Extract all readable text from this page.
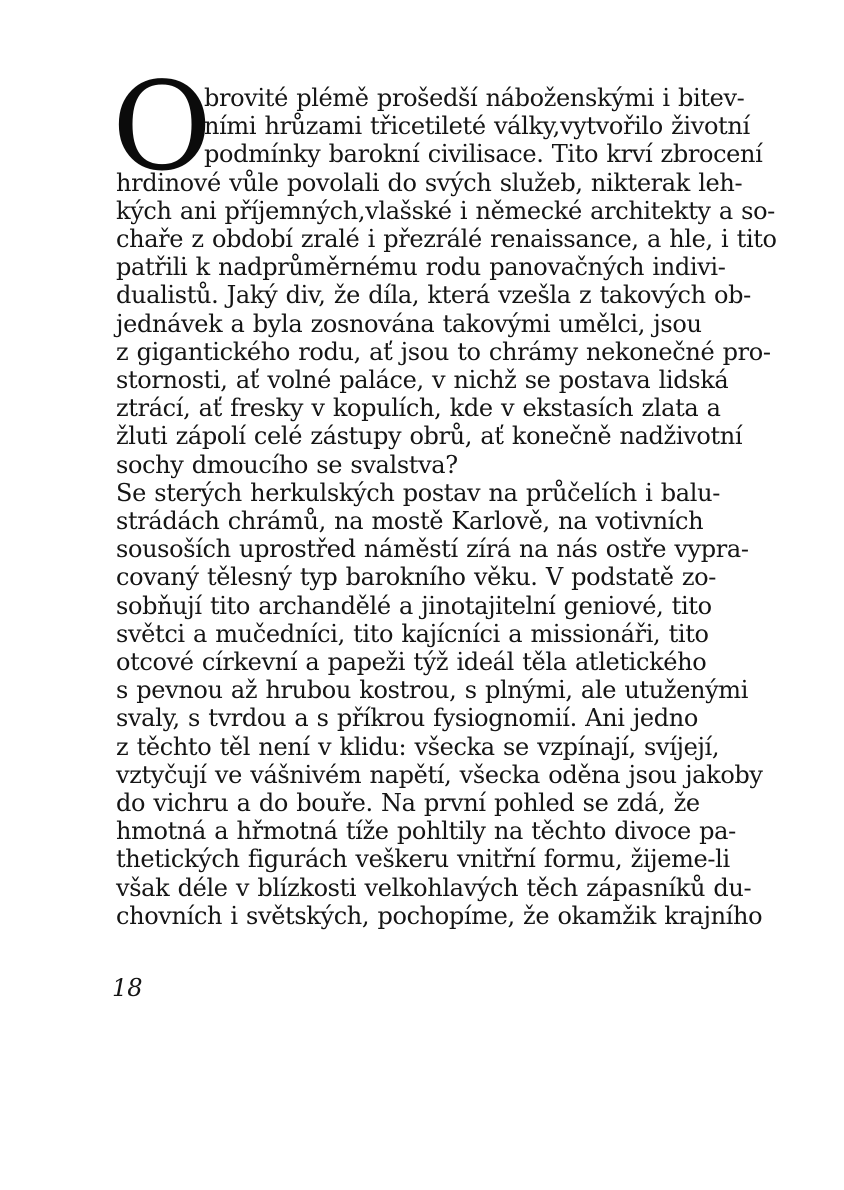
O
brovité plémě prošedší náboženskými i bitev-
ními hrůzami třicetileté války,vytvořilo životní
podmínky barokní civilisace. Tito krví zbrocení
hrdinové vůle povolali do svých služeb, nikterak leh-
kých ani příjemných,vlašské i německé architekty a so-
chaře z období zralé i přezrálé renaissance, a hle, i tito
patřili k nadprůměrnému rodu panovačných indivi-
dualistů. Jaký div, že díla, která vzešla z takových ob-
jednávek a byla zosnována takovými umělci, jsou
z gigantického rodu, ať jsou to chrámy nekonečné pro-
stornosti, ať volné paláce, v nichž se postava lidská
ztrácí, ať fresky v kopulích, kde v ekstasích zlata a
žluti zápolí celé zástupy obrů, ať konečně nadživotní
sochy dmoucího se svalstva?
Se sterých herkulských postav na průčelích i balu-
strádách chrámů, na mostě Karlově, na votivních
sousoších uprostřed náměstí zírá na nás ostře vypra-
covaný tělesný typ barokního věku. V podstatě zo-
sobňují tito archandělé a jinotajitelní geniové, tito
světci a mučedníci, tito kajícníci a missionáři, tito
otcové církevní a papeži týž ideál těla atletického
s pevnou až hrubou kostrou, s plnými, ale utuženými
svaly, s tvrdou a s příkrou fysiognomií. Ani jedno
z těchto těl není v klidu: všecka se vzpínají, svíjejí,
vztyčují ve vášnivém napětí, všecka oděna jsou jakoby
do vichru a do bouře. Na první pohled se zdá, že
hmotná a hřmotná tíže pohltily na těchto divoce pa-
thetických figurách veškeru vnitřní formu, žijeme-li
však déle v blízkosti velkohlavých těch zápasníků du-
chovních i světských, pochopíme, že okamžik krajního
18
